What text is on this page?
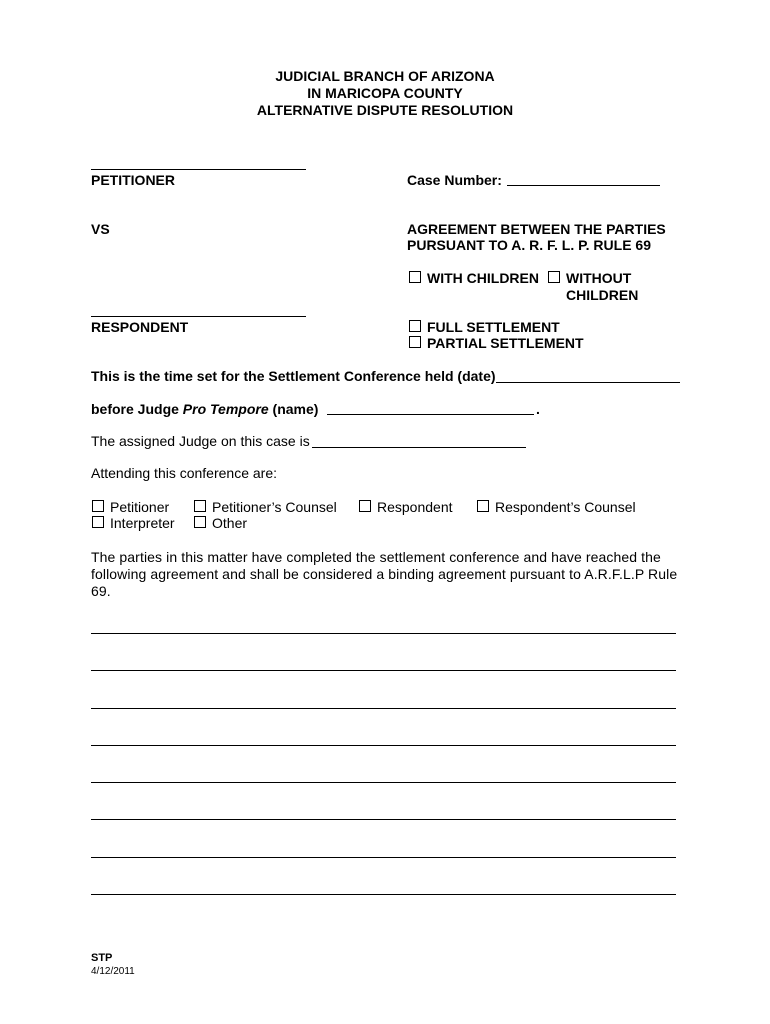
JUDICIAL BRANCH OF ARIZONA
IN MARICOPA COUNTY
ALTERNATIVE DISPUTE RESOLUTION
PETITIONER	Case Number:
VS	AGREEMENT BETWEEN THE PARTIES
PURSUANT TO A. R. F. L. P. RULE 69
WITH CHILDREN WITHOUT
CHILDREN
RESPONDENT	FULL SETTLEMENT
PARTIAL SETTLEMENT
This is the time set for the Settlement Conference held (date)
before Judge Pro Tempore (name)	.
The assigned Judge on this case is
Attending this conference are:
Petitioner	Petitioner’s Counsel	Respondent	Respondent’s Counsel
Interpreter	Other
The parties in this matter have completed the settlement conference and have reached the following agreement and shall be considered a binding agreement pursuant to A.R.F.L.P Rule 69.
STP
4/12/2011
